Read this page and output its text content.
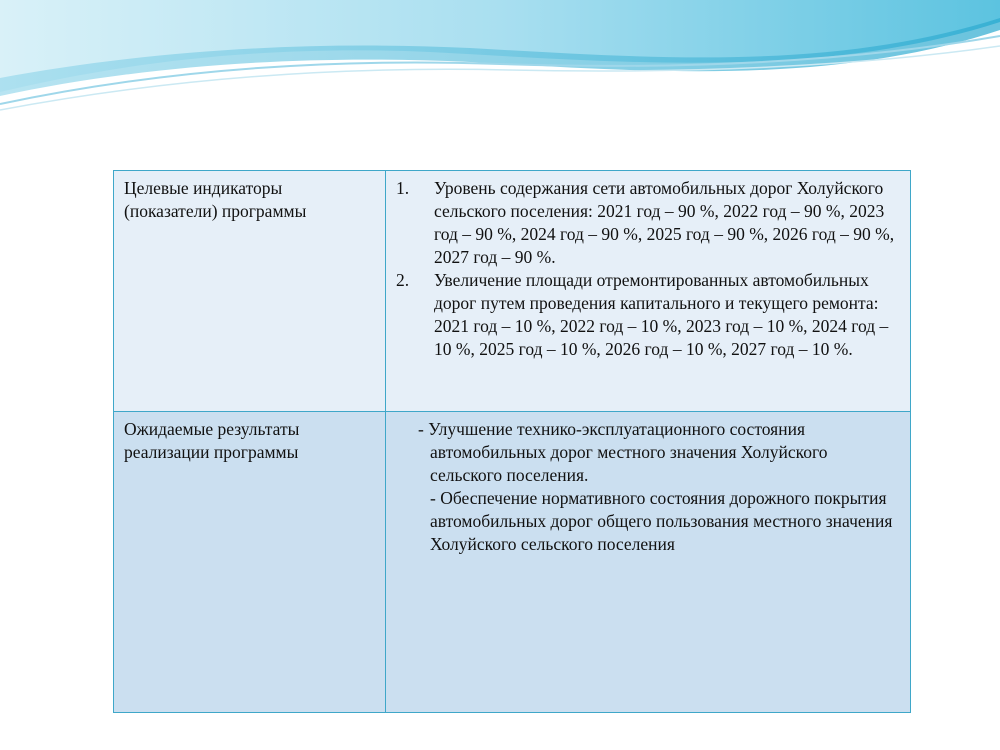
Целевые индикаторы (показатели) программы	1. Уровень содержания сети автомобильных дорог Холуйского сельского поселения: 2021 год – 90 %, 2022 год – 90 %, 2023 год – 90 %, 2024 год – 90 %, 2025 год – 90 %, 2026 год – 90 %, 2027 год – 90 %.
2. Увеличение площади отремонтированных автомобильных дорог путем проведения капитального и текущего ремонта: 2021 год – 10 %, 2022 год – 10 %, 2023 год – 10 %, 2024 год – 10 %, 2025 год – 10 %, 2026 год – 10 %, 2027 год – 10 %.

Ожидаемые результаты реализации программы	- Улучшение технико-эксплуатационного состояния автомобильных дорог местного значения Холуйского сельского поселения.

- Обеспечение нормативного состояния дорожного покрытия автомобильных дорог общего пользования местного значения Холуйского сельского поселения
